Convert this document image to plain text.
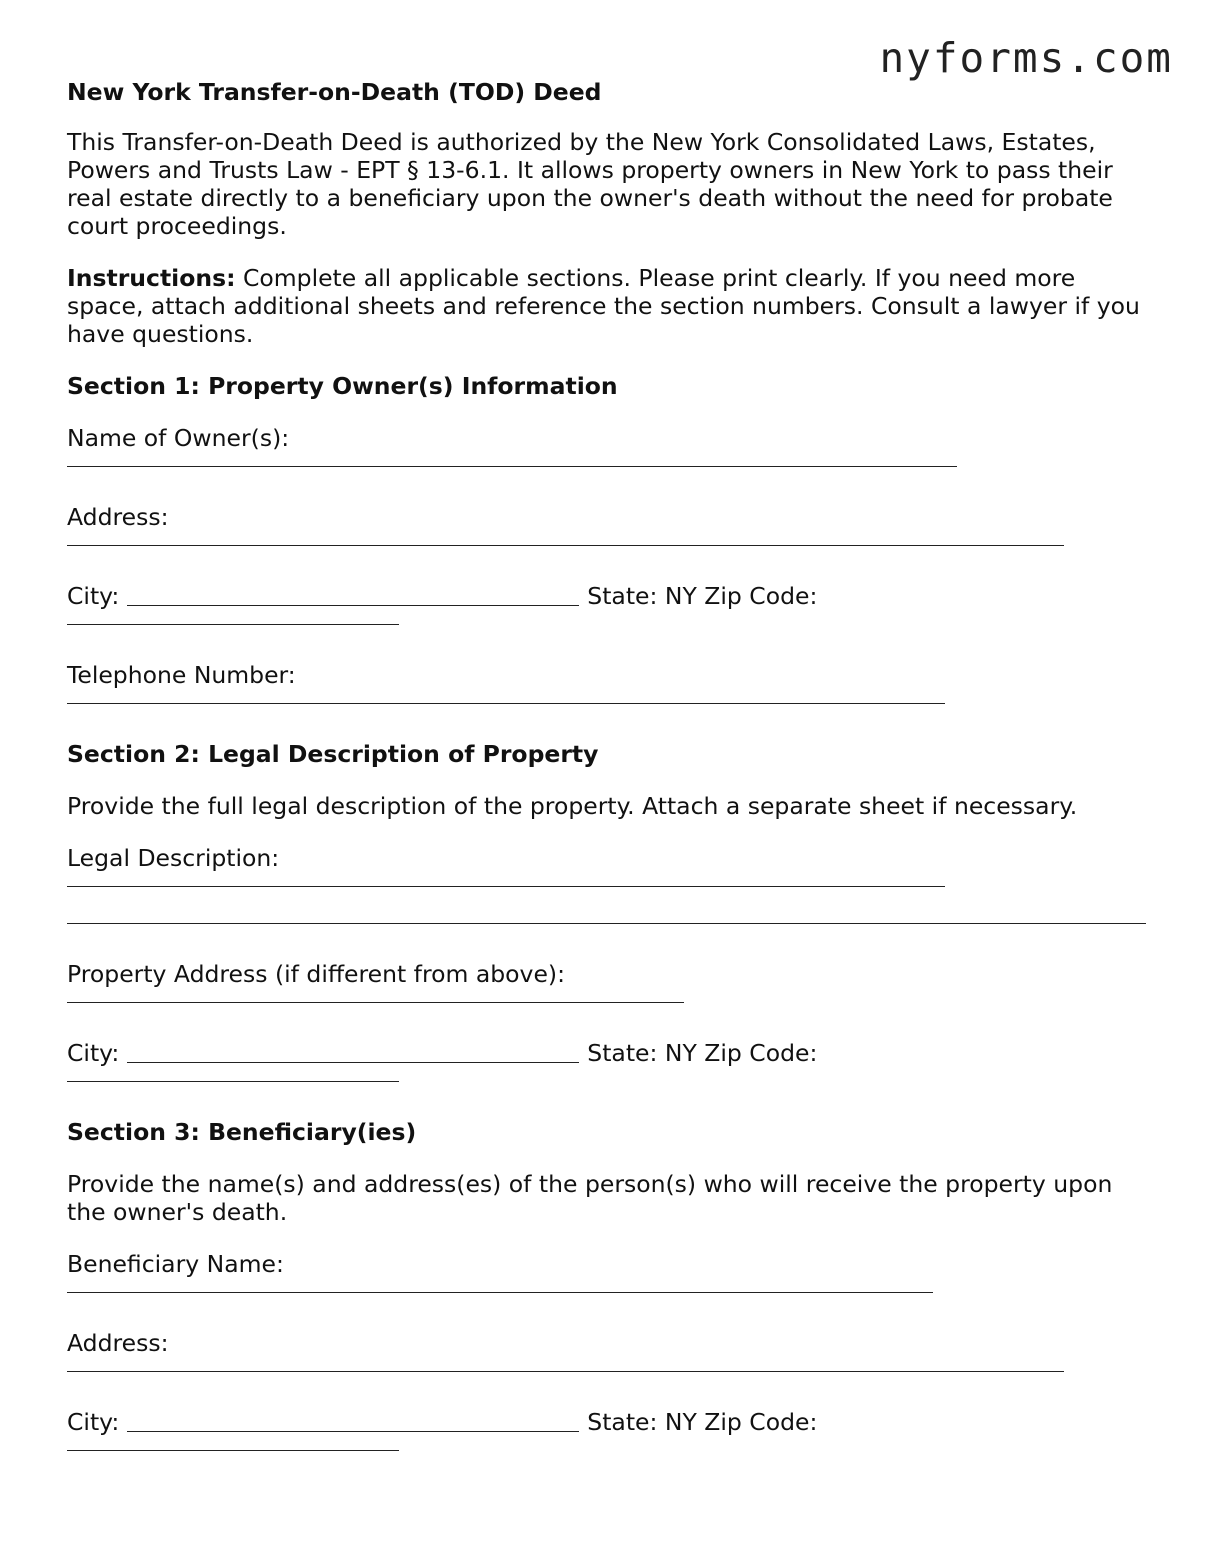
nyforms.com
New York Transfer-on-Death (TOD) Deed

This Transfer-on-Death Deed is authorized by the New York Consolidated Laws, Estates, Powers and Trusts Law - EPT § 13-6.1. It allows property owners in New York to pass their real estate directly to a beneficiary upon the owner's death without the need for probate court proceedings.

Instructions: Complete all applicable sections. Please print clearly. If you need more space, attach additional sheets and reference the section numbers. Consult a lawyer if you have questions.

Section 1: Property Owner(s) Information
Name of Owner(s):
Address:
City:	State: NY Zip Code:
Telephone Number:
Section 2: Legal Description of Property

Provide the full legal description of the property. Attach a separate sheet if necessary.

Legal Description:
Property Address (if different from above):
City:	State: NY Zip Code:
Section 3: Beneficiary(ies)

Provide the name(s) and address(es) of the person(s) who will receive the property upon the owner's death.

Beneficiary Name:
Address:
City:	State: NY Zip Code:
